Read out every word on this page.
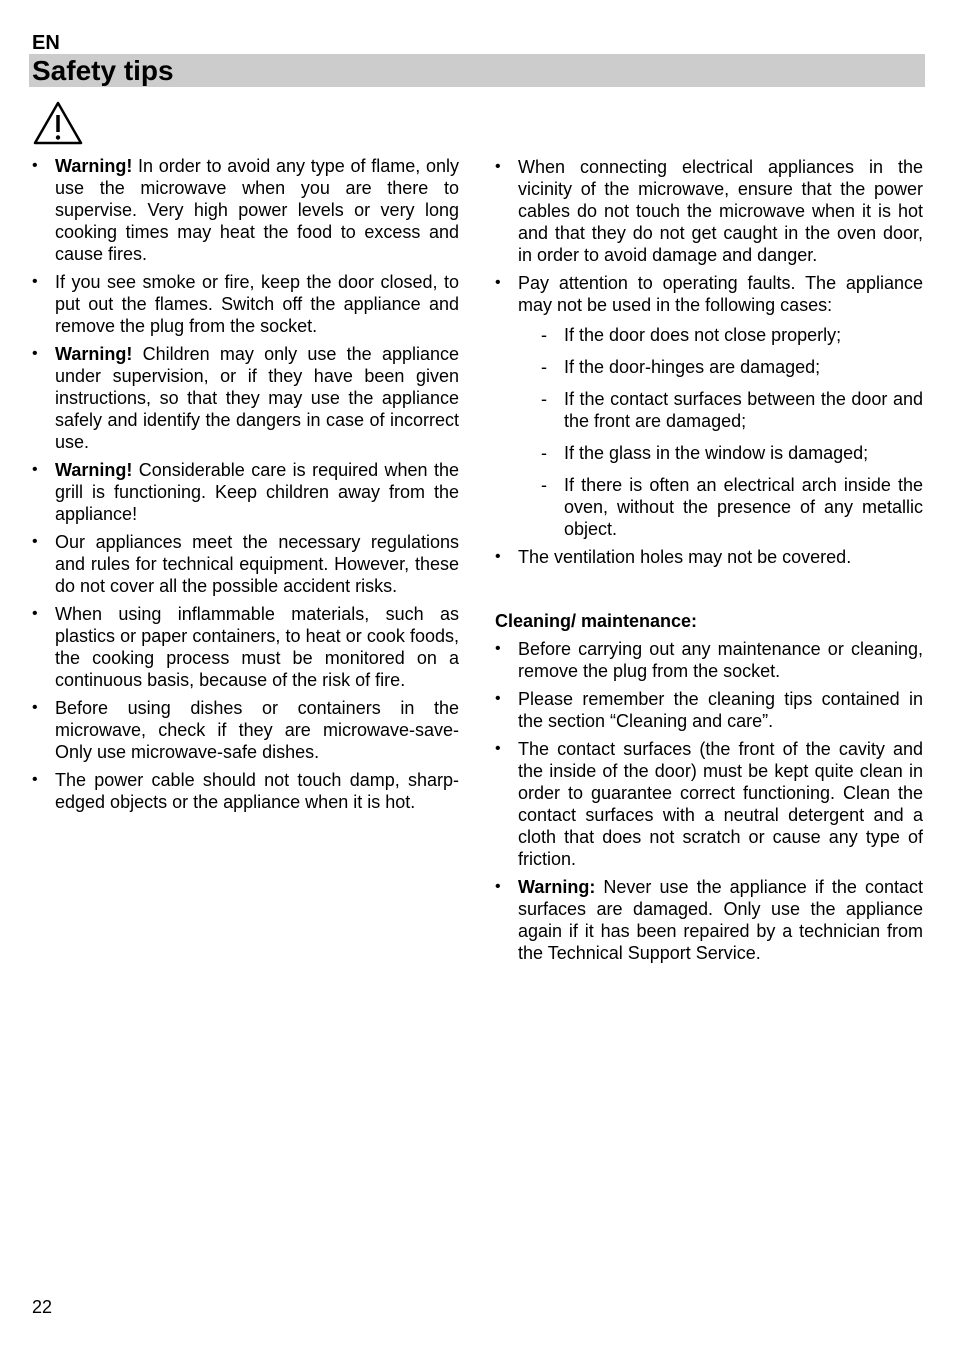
EN
Safety tips
• Warning! In order to avoid any type of flame, only use the microwave when you are there to supervise. Very high power levels or very long cooking times may heat the food to excess and cause fires.
• If you see smoke or fire, keep the door closed, to put out the flames. Switch off the appliance and remove the plug from the socket.
• Warning! Children may only use the appliance under supervision, or if they have been given instructions, so that they may use the appliance safely and identify the dangers in case of incorrect use.
• Warning! Considerable care is required when the grill is functioning. Keep children away from the appliance!
• Our appliances meet the necessary regulations and rules for technical equipment. However, these do not cover all the possible accident risks.
• When using inflammable materials, such as plastics or paper containers, to heat or cook foods, the cooking process must be monitored on a continuous basis, because of the risk of fire.
• Before using dishes or containers in the microwave, check if they are microwave-save- Only use microwave-safe dishes.
• The power cable should not touch damp, sharp-edged objects or the appliance when it is hot.
• When connecting electrical appliances in the vicinity of the microwave, ensure that the power cables do not touch the microwave when it is hot and that they do not get caught in the oven door, in order to avoid damage and danger.
• Pay attention to operating faults. The appliance may not be used in the following cases:
- If the door does not close properly;
- If the door-hinges are damaged;
- If the contact surfaces between the door and the front are damaged;
- If the glass in the window is damaged;
- If there is often an electrical arch inside the oven, without the presence of any metallic object.
• The ventilation holes may not be covered.
Cleaning/ maintenance:
• Before carrying out any maintenance or cleaning, remove the plug from the socket.
• Please remember the cleaning tips contained in the section “Cleaning and care”.
• The contact surfaces (the front of the cavity and the inside of the door) must be kept quite clean in order to guarantee correct functioning. Clean the contact surfaces with a neutral detergent and a cloth that does not scratch or cause any type of friction.
• Warning: Never use the appliance if the contact surfaces are damaged. Only use the appliance again if it has been repaired by a technician from the Technical Support Service.
22
